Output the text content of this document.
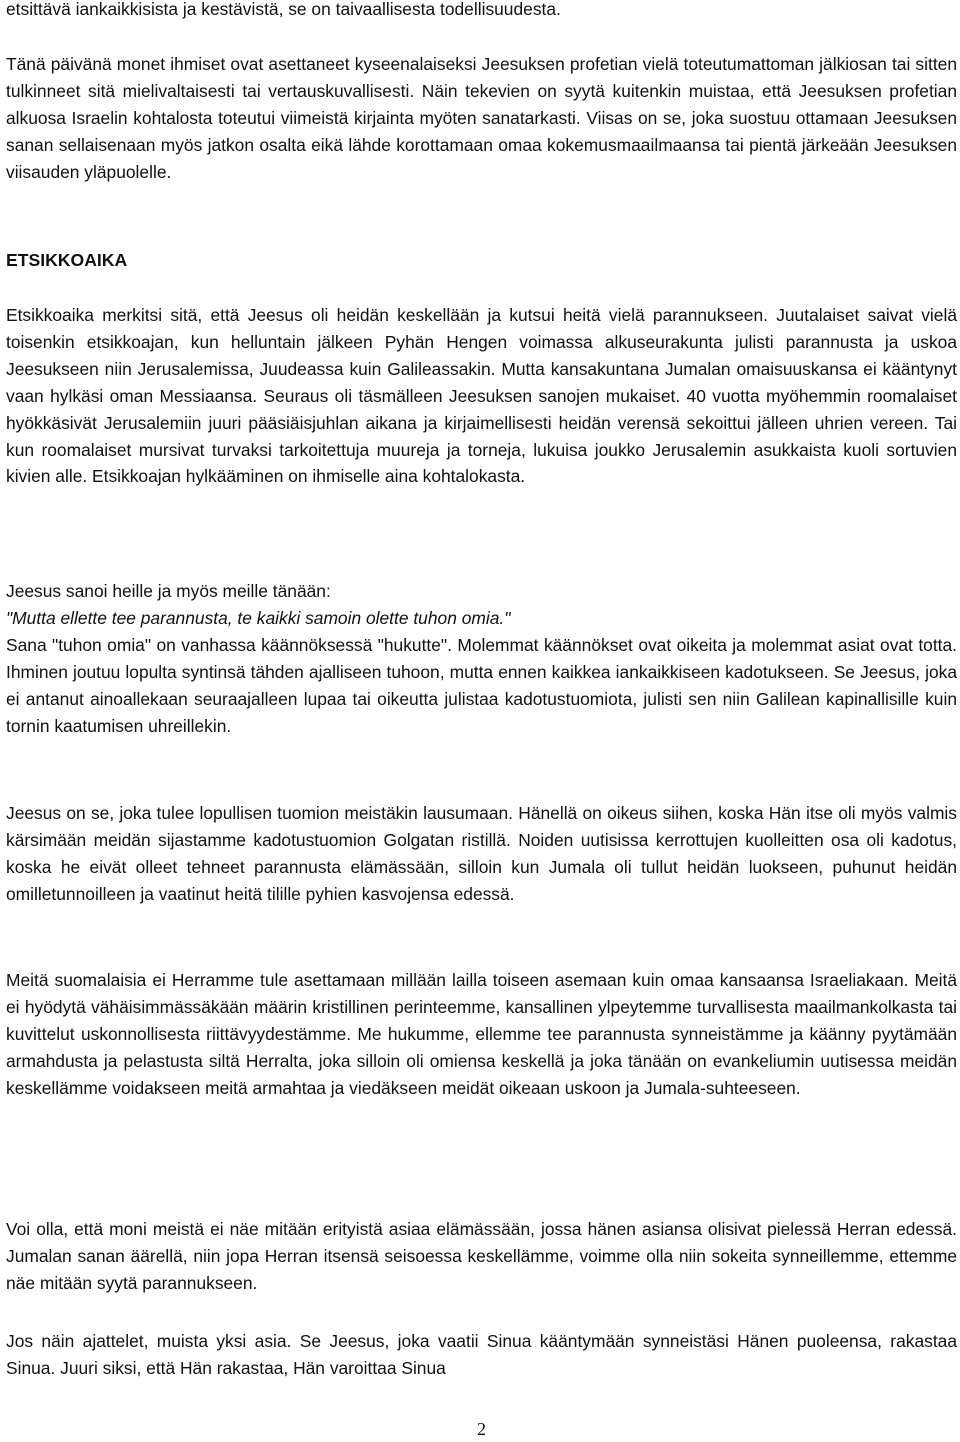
etsittävä iankaikkisista ja kestävistä, se on taivaallisesta todellisuudesta.

Tänä päivänä monet ihmiset ovat asettaneet kyseenalaiseksi Jeesuksen profetian vielä toteutumattoman jälkiosan tai sitten tulkinneet sitä mielivaltaisesti tai vertauskuvallisesti. Näin tekevien on syytä kuitenkin muistaa, että Jeesuksen profetian alkuosa Israelin kohtalosta toteutui viimeistä kirjainta myöten sanatarkasti. Viisas on se, joka suostuu ottamaan Jeesuksen sanan sellaisenaan myös jatkon osalta eikä lähde korottamaan omaa kokemusmaailmaansa tai pientä järkeään Jeesuksen viisauden yläpuolelle.

ETSIKKOAIKA

Etsikkoaika merkitsi sitä, että Jeesus oli heidän keskellään ja kutsui heitä vielä parannukseen. Juutalaiset saivat vielä toisenkin etsikkoajan, kun helluntain jälkeen Pyhän Hengen voimassa alkuseurakunta julisti parannusta ja uskoa Jeesukseen niin Jerusalemissa, Juudeassa kuin Galileassakin. Mutta kansakuntana Jumalan omaisuuskansa ei kääntynyt vaan hylkäsi oman Messiaansa. Seuraus oli täsmälleen Jeesuksen sanojen mukaiset. 40 vuotta myöhemmin roomalaiset hyökkäsivät Jerusalemiin juuri pääsiäisjuhlan aikana ja kirjaimellisesti heidän verensä sekoittui jälleen uhrien vereen. Tai kun roomalaiset mursivat turvaksi tarkoitettuja muureja ja torneja, lukuisa joukko Jerusalemin asukkaista kuoli sortuvien kivien alle. Etsikkoajan hylkääminen on ihmiselle aina kohtalokasta.

Jeesus sanoi heille ja myös meille tänään:
"Mutta ellette tee parannusta, te kaikki samoin olette tuhon omia."
Sana "tuhon omia" on vanhassa käännöksessä "hukutte". Molemmat käännökset ovat oikeita ja molemmat asiat ovat totta. Ihminen joutuu lopulta syntinsä tähden ajalliseen tuhoon, mutta ennen kaikkea iankaikkiseen kadotukseen. Se Jeesus, joka ei antanut ainoallekaan seuraajalleen lupaa tai oikeutta julistaa kadotustuomiota, julisti sen niin Galilean kapinallisille kuin tornin kaatumisen uhreillekin.

Jeesus on se, joka tulee lopullisen tuomion meistäkin lausumaan. Hänellä on oikeus siihen, koska Hän itse oli myös valmis kärsimään meidän sijastamme kadotustuomion Golgatan ristillä. Noiden uutisissa kerrottujen kuolleitten osa oli kadotus, koska he eivät olleet tehneet parannusta elämässään, silloin kun Jumala oli tullut heidän luokseen, puhunut heidän omilletunnoilleen ja vaatinut heitä tilille pyhien kasvojensa edessä.

Meitä suomalaisia ei Herramme tule asettamaan millään lailla toiseen asemaan kuin omaa kansaansa Israeliakaan. Meitä ei hyödytä vähäisimmässäkään määrin kristillinen perinteemme, kansallinen ylpeytemme turvallisesta maailmankolkasta tai kuvittelut uskonnollisesta riittävyydestämme. Me hukumme, ellemme tee parannusta synneistämme ja käänny pyytämään armahdusta ja pelastusta siltä Herralta, joka silloin oli omiensa keskellä ja joka tänään on evankeliumin uutisessa meidän keskellämme voidakseen meitä armahtaa ja viedäkseen meidät oikeaan uskoon ja Jumala-suhteeseen.

Voi olla, että moni meistä ei näe mitään erityistä asiaa elämässään, jossa hänen asiansa olisivat pielessä Herran edessä. Jumalan sanan äärellä, niin jopa Herran itsensä seisoessa keskellämme, voimme olla niin sokeita synneillemme, ettemme näe mitään syytä parannukseen.

Jos näin ajattelet, muista yksi asia. Se Jeesus, joka vaatii Sinua kääntymään synneistäsi Hänen puoleensa, rakastaa Sinua. Juuri siksi, että Hän rakastaa, Hän varoittaa Sinua

2
